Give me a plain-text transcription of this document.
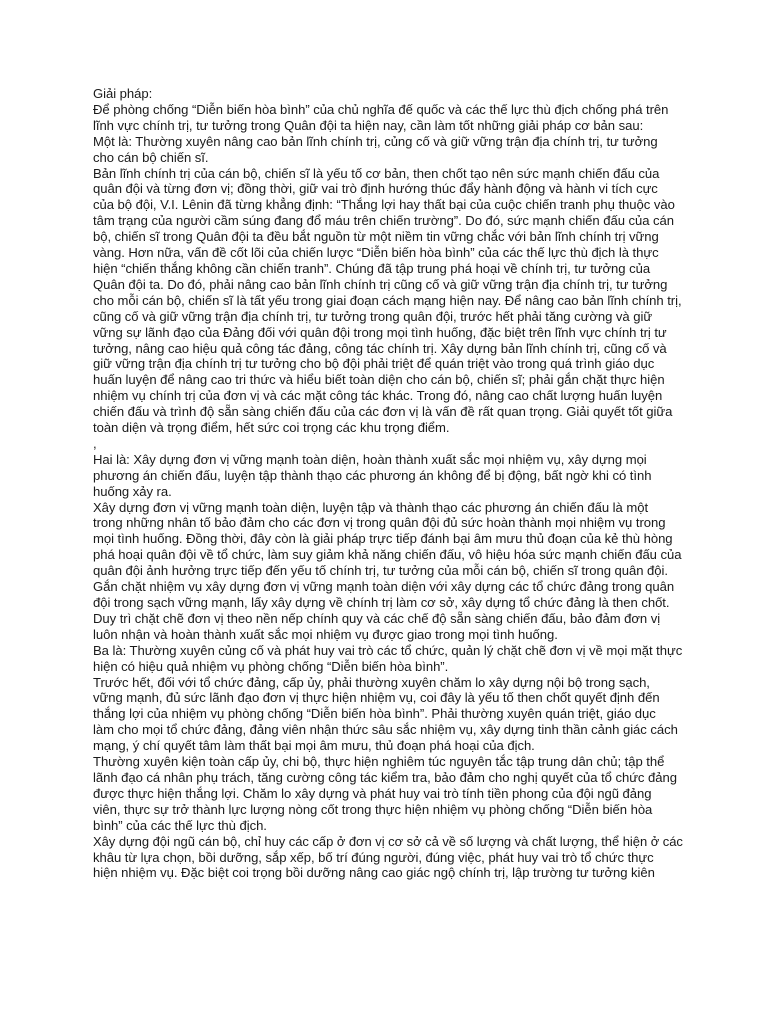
Giải pháp:
Để phòng chống “Diễn biến hòa bình” của chủ nghĩa đế quốc và các thế lực thù địch chống phá trên
lĩnh vực chính trị, tư tưởng trong Quân đội ta hiện nay, cần làm tốt những giải pháp cơ bản sau:
Một là: Thường xuyên nâng cao bản lĩnh chính trị, củng cố và giữ vững trận địa chính trị, tư tưởng
cho cán bộ chiến sĩ.
Bản lĩnh chính trị của cán bộ, chiến sĩ là yếu tố cơ bản, then chốt tạo nên sức mạnh chiến đấu của
quân đội và từng đơn vị; đồng thời, giữ vai trò định hướng thúc đẩy hành động và hành vi tích cực
của bộ đội, V.I. Lênin đã từng khẳng định: “Thắng lợi hay thất bại của cuộc chiến tranh phụ thuộc vào
tâm trạng của người cầm súng đang đổ máu trên chiến trường”. Do đó, sức mạnh chiến đấu của cán
bộ, chiến sĩ trong Quân đội ta đều bắt nguồn từ một niềm tin vững chắc với bản lĩnh chính trị vững
vàng. Hơn nữa, vấn đề cốt lõi của chiến lược “Diễn biến hòa bình” của các thế lực thù địch là thực
hiện “chiến thắng không cần chiến tranh”. Chúng đã tập trung phá hoại về chính trị, tư tưởng của
Quân đội ta. Do đó, phải nâng cao bản lĩnh chính trị cũng cố và giữ vững trận địa chính trị, tư tưởng
cho mỗi cán bộ, chiến sĩ là tất yếu trong giai đoạn cách mạng hiện nay. Để nâng cao bản lĩnh chính trị,
cũng cố và giữ vững trận địa chính trị, tư tưởng trong quân đội, trước hết phải tăng cường và giữ
vững sự lãnh đạo của Đảng đối với quân đội trong mọi tình huống, đặc biệt trên lĩnh vực chính trị tư
tưởng, nâng cao hiệu quả công tác đảng, công tác chính trị. Xây dựng bản lĩnh chính trị, cũng cố và
giữ vững trận địa chính trị tư tưởng cho bộ đội phải triệt để quán triệt vào trong quá trình giáo dục
huấn luyện để nâng cao tri thức và hiểu biết toàn diện cho cán bộ, chiến sĩ; phải gắn chặt thực hiện
nhiệm vụ chính trị của đơn vị và các mặt công tác khác. Trong đó, nâng cao chất lượng huấn luyện
chiến đấu và trình độ sẵn sàng chiến đấu của các đơn vị là vấn đề rất quan trọng. Giải quyết tốt giữa
toàn diện và trọng điểm, hết sức coi trọng các khu trọng điểm.
,
Hai là: Xây dựng đơn vị vững mạnh toàn diện, hoàn thành xuất sắc mọi nhiệm vụ, xây dựng mọi
phương án chiến đấu, luyện tập thành thạo các phương án không để bị động, bất ngờ khi có tình
huống xảy ra.
Xây dựng đơn vị vững mạnh toàn diện, luyện tập và thành thạo các phương án chiến đấu là một
trong những nhân tố bảo đảm cho các đơn vị trong quân đội đủ sức hoàn thành mọi nhiệm vụ trong
mọi tình huống. Đồng thời, đây còn là giải pháp trực tiếp đánh bại âm mưu thủ đoạn của kẻ thù hòng
phá hoại quân đội về tổ chức, làm suy giảm khả năng chiến đấu, vô hiệu hóa sức mạnh chiến đấu của
quân đội ảnh hưởng trực tiếp đến yếu tố chính trị, tư tưởng của mỗi cán bộ, chiến sĩ trong quân đội.
Gắn chặt nhiệm vụ xây dựng đơn vị vững mạnh toàn diện với xây dựng các tổ chức đảng trong quân
đội trong sạch vững mạnh, lấy xây dựng về chính trị làm cơ sở, xây dựng tổ chức đảng là then chốt.
Duy trì chặt chẽ đơn vị theo nền nếp chính quy và các chế độ sẵn sàng chiến đấu, bảo đảm đơn vị
luôn nhận và hoàn thành xuất sắc mọi nhiệm vụ được giao trong mọi tình huống.
Ba là: Thường xuyên củng cố và phát huy vai trò các tổ chức, quản lý chặt chẽ đơn vị về mọi mặt thực
hiện có hiệu quả nhiệm vụ phòng chống “Diễn biến hòa bình”.
Trước hết, đối với tổ chức đảng, cấp ủy, phải thường xuyên chăm lo xây dựng nội bộ trong sạch,
vững mạnh, đủ sức lãnh đạo đơn vị thực hiện nhiệm vụ, coi đây là yếu tố then chốt quyết định đến
thắng lợi của nhiệm vụ phòng chống “Diễn biến hòa bình”. Phải thường xuyên quán triệt, giáo dục
làm cho mọi tổ chức đảng, đảng viên nhận thức sâu sắc nhiệm vụ, xây dựng tinh thần cảnh giác cách
mạng, ý chí quyết tâm làm thất bại mọi âm mưu, thủ đoạn phá hoại của địch.
Thường xuyên kiện toàn cấp ủy, chi bộ, thực hiện nghiêm túc nguyên tắc tập trung dân chủ; tập thể
lãnh đạo cá nhân phụ trách, tăng cường công tác kiểm tra, bảo đảm cho nghị quyết của tổ chức đảng
được thực hiện thắng lợi. Chăm lo xây dựng và phát huy vai trò tính tiền phong của đội ngũ đảng
viên, thực sự trở thành lực lượng nòng cốt trong thực hiện nhiệm vụ phòng chống “Diễn biến hòa
bình” của các thế lực thù địch.
Xây dựng đội ngũ cán bộ, chỉ huy các cấp ở đơn vị cơ sở cả về số lượng và chất lượng, thể hiện ở các

khâu từ lựa chọn, bồi dưỡng, sắp xếp, bố trí đúng người, đúng việc, phát huy vai trò tổ chức thực
hiện nhiệm vụ. Đặc biệt coi trọng bồi dưỡng nâng cao giác ngộ chính trị, lập trường tư tưởng kiên
